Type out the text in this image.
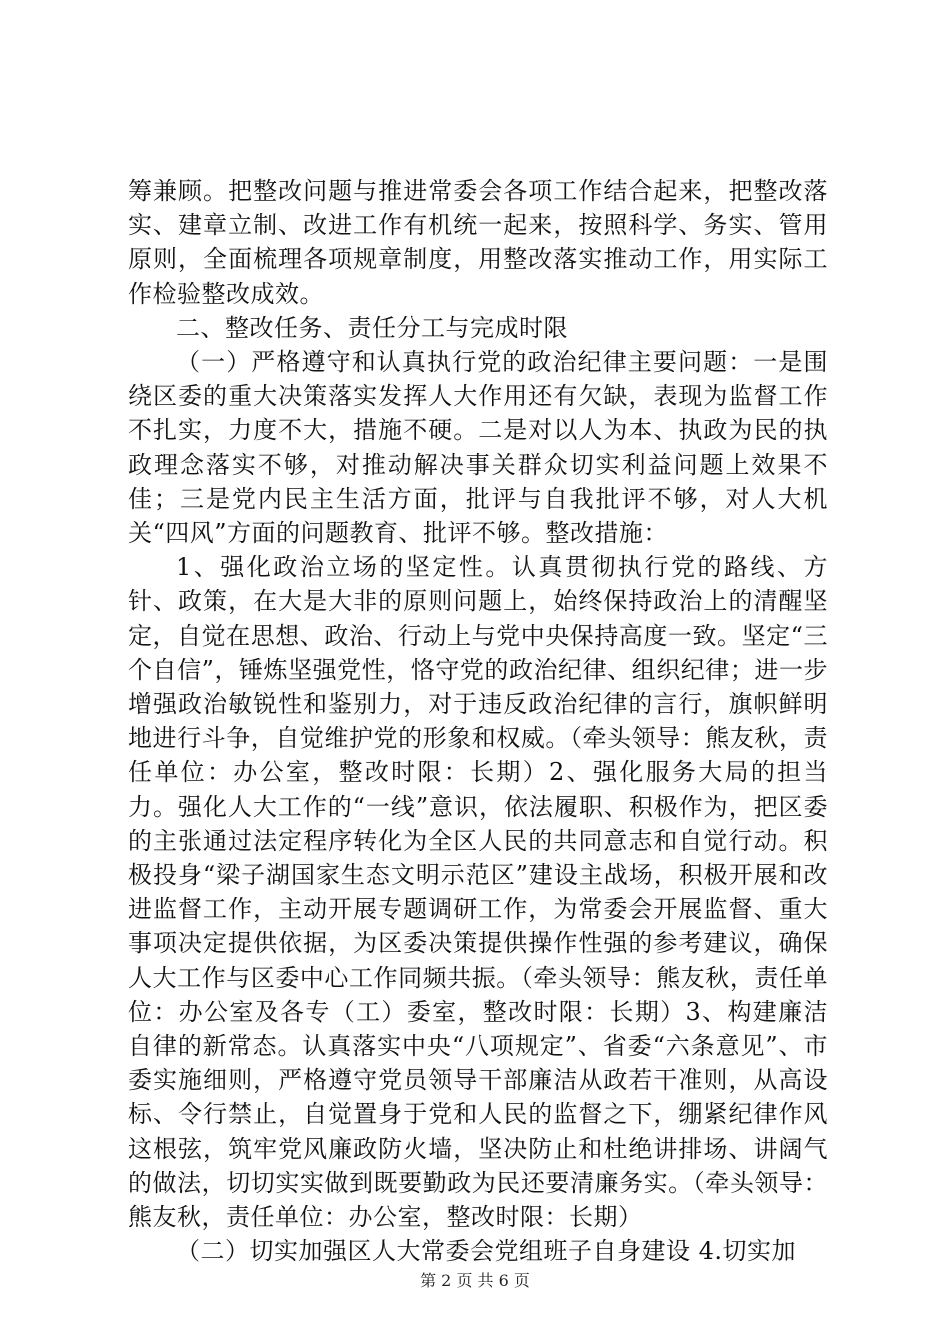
筹兼顾。把整改问题与推进常委会各项工作结合起来，把整改落实、建章立制、改进工作有机统一起来，按照科学、务实、管用原则，全面梳理各项规章制度，用整改落实推动工作，用实际工作检验整改成效。

二、整改任务、责任分工与完成时限

（一）严格遵守和认真执行党的政治纪律主要问题：一是围绕区委的重大决策落实发挥人大作用还有欠缺，表现为监督工作不扎实，力度不大，措施不硬。二是对以人为本、执政为民的执政理念落实不够，对推动解决事关群众切实利益问题上效果不佳；三是党内民主生活方面，批评与自我批评不够，对人大机关“四风”方面的问题教育、批评不够。整改措施：

1、强化政治立场的坚定性。认真贯彻执行党的路线、方针、政策，在大是大非的原则问题上，始终保持政治上的清醒坚定，自觉在思想、政治、行动上与党中央保持高度一致。坚定“三个自信”，锤炼坚强党性，恪守党的政治纪律、组织纪律；进一步增强政治敏锐性和鉴别力，对于违反政治纪律的言行，旗帜鲜明地进行斗争，自觉维护党的形象和权威。（牵头领导：熊友秋，责任单位：办公室，整改时限：长期）2、强化服务大局的担当力。强化人大工作的“一线”意识，依法履职、积极作为，把区委的主张通过法定程序转化为全区人民的共同意志和自觉行动。积极投身“梁子湖国家生态文明示范区”建设主战场，积极开展和改进监督工作，主动开展专题调研工作，为常委会开展监督、重大事项决定提供依据，为区委决策提供操作性强的参考建议，确保人大工作与区委中心工作同频共振。（牵头领导：熊友秋，责任单位：办公室及各专（工）委室，整改时限：长期）3、构建廉洁自律的新常态。认真落实中央“八项规定”、省委“六条意见”、市委实施细则，严格遵守党员领导干部廉洁从政若干准则，从高设标、令行禁止，自觉置身于党和人民的监督之下，绷紧纪律作风这根弦，筑牢党风廉政防火墙，坚决防止和杜绝讲排场、讲阔气的做法，切切实实做到既要勤政为民还要清廉务实。（牵头领导：熊友秋，责任单位：办公室，整改时限：长期）

（二）切实加强区人大常委会党组班子自身建设 4.切实加

第 2 页 共 6 页
